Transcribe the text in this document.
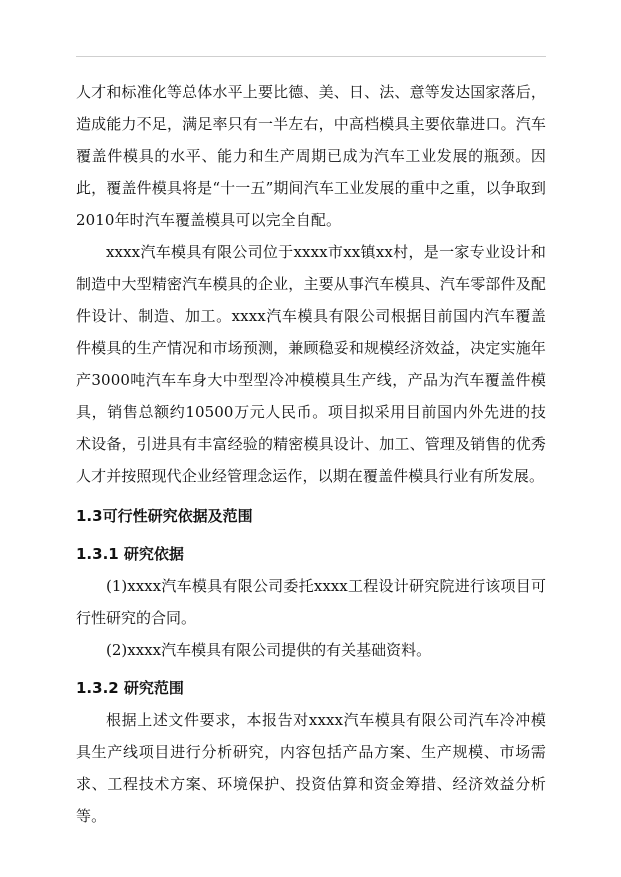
人才和标准化等总体水平上要比德、美、日、法、意等发达国家落后，造成能力不足，满足率只有一半左右，中高档模具主要依靠进口。汽车覆盖件模具的水平、能力和生产周期已成为汽车工业发展的瓶颈。因此，覆盖件模具将是“十一五”期间汽车工业发展的重中之重，以争取到2010年时汽车覆盖模具可以完全自配。

xxxx汽车模具有限公司位于xxxx市xx镇xx村，是一家专业设计和制造中大型精密汽车模具的企业，主要从事汽车模具、汽车零部件及配件设计、制造、加工。xxxx汽车模具有限公司根据目前国内汽车覆盖件模具的生产情况和市场预测，兼顾稳妥和规模经济效益，决定实施年产3000吨汽车车身大中型型冷冲模模具生产线，产品为汽车覆盖件模具，销售总额约10500万元人民币。项目拟采用目前国内外先进的技术设备，引进具有丰富经验的精密模具设计、加工、管理及销售的优秀人才并按照现代企业经管理念运作，以期在覆盖件模具行业有所发展。

1.3可行性研究依据及范围

1.3.1 研究依据

(1)xxxx汽车模具有限公司委托xxxx工程设计研究院进行该项目可行性研究的合同。

(2)xxxx汽车模具有限公司提供的有关基础资料。

1.3.2 研究范围

根据上述文件要求，本报告对xxxx汽车模具有限公司汽车冷冲模具生产线项目进行分析研究，内容包括产品方案、生产规模、市场需求、工程技术方案、环境保护、投资估算和资金筹措、经济效益分析等。
